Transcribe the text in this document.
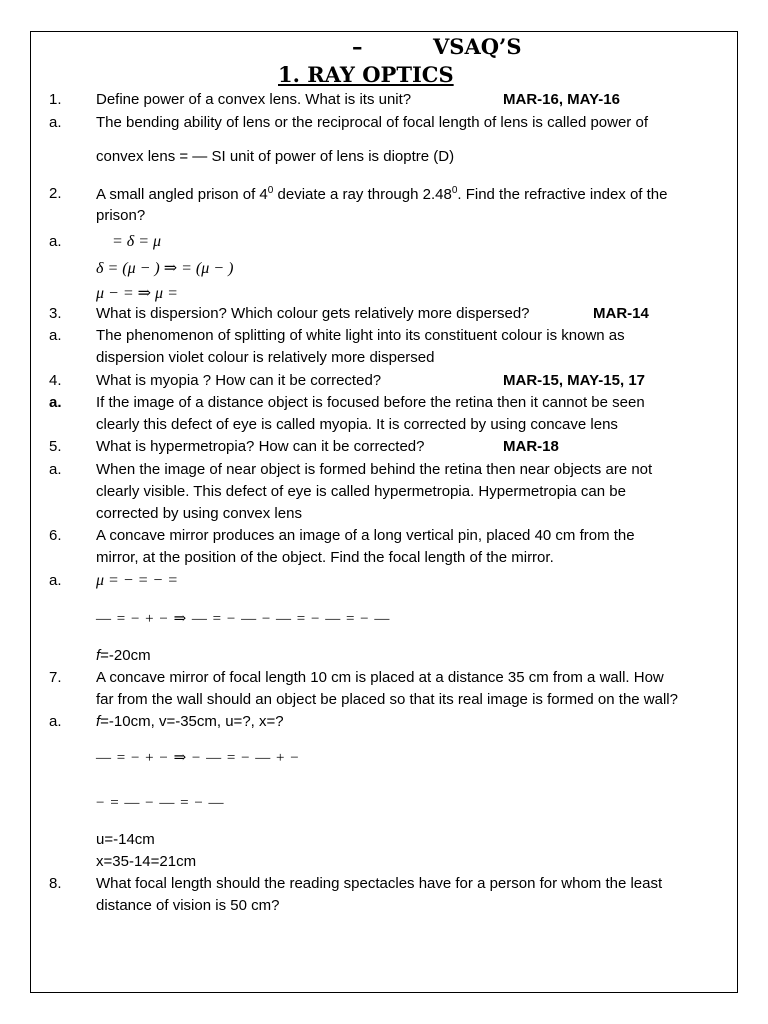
–	VSAQ’S
1. RAY OPTICS
1. Define power of a convex lens. What is its unit?	MAR-16, MAY-16
a. The bending ability of lens or the reciprocal of focal length of lens is called power of
convex lens = — SI unit of power of lens is dioptre (D)
2. A small angled prison of $4^0$ deviate a ray through 2.48$^0$. Find the refractive index of the
prison?
a.	= δ = μ
δ = (μ − ) ⇒ = (μ − )
μ − = ⇒ μ =
3. What is dispersion? Which colour gets relatively more dispersed?	MAR-14
a. The phenomenon of splitting of white light into its constituent colour is known as
dispersion violet colour is relatively more dispersed
4. What is myopia ? How can it be corrected?	MAR-15, MAY-15, 17
a. If the image of a distance object is focused before the retina then it cannot be seen
clearly this defect of eye is called myopia. It is corrected by using concave lens
5. What is hypermetropia? How can it be corrected?	MAR-18
a. When the image of near object is formed behind the retina then near objects are not
clearly visible. This defect of eye is called hypermetropia. Hypermetropia can be
corrected by using convex lens
6. A concave mirror produces an image of a long vertical pin, placed 40 cm from the
mirror, at the position of the object. Find the focal length of the mirror.
a. μ = − = − =
— = − + − ⇒ — = − — − — = − — = − —
f=-20cm
7. A concave mirror of focal length 10 cm is placed at a distance 35 cm from a wall. How
far from the wall should an object be placed so that its real image is formed on the wall?
a. f=-10cm, v=-35cm, u=?, x=?
— = − + − ⇒ − — = − — + −
− = — − — = − —
u=-14cm
x=35-14=21cm
8. What focal length should the reading spectacles have for a person for whom the least
distance of vision is 50 cm?
